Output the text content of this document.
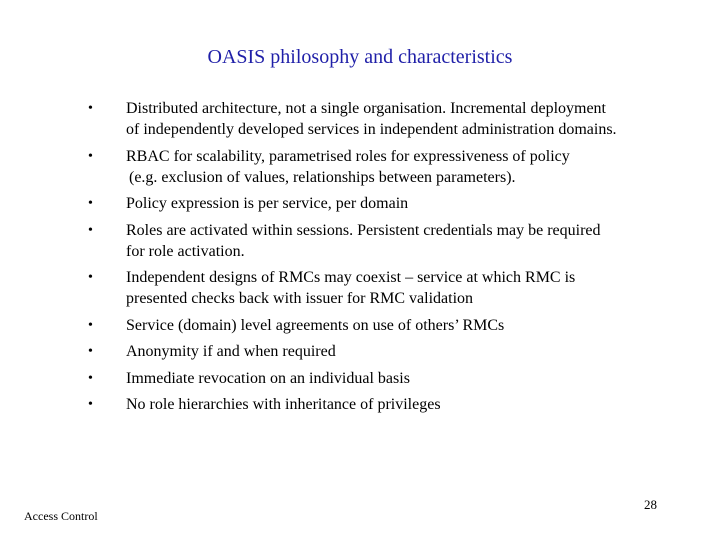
OASIS philosophy and characteristics
• Distributed architecture, not a single organisation. Incremental deployment
of independently developed services in independent administration domains.
• RBAC for scalability, parametrised roles for expressiveness of policy
(e.g. exclusion of values, relationships between parameters).
• Policy expression is per service, per domain
• Roles are activated within sessions. Persistent credentials may be required
for role activation.
• Independent designs of RMCs may coexist – service at which RMC is
presented checks back with issuer for RMC validation
• Service (domain) level agreements on use of others’ RMCs
• Anonymity if and when required
• Immediate revocation on an individual basis
• No role hierarchies with inheritance of privileges
Access Control
28
